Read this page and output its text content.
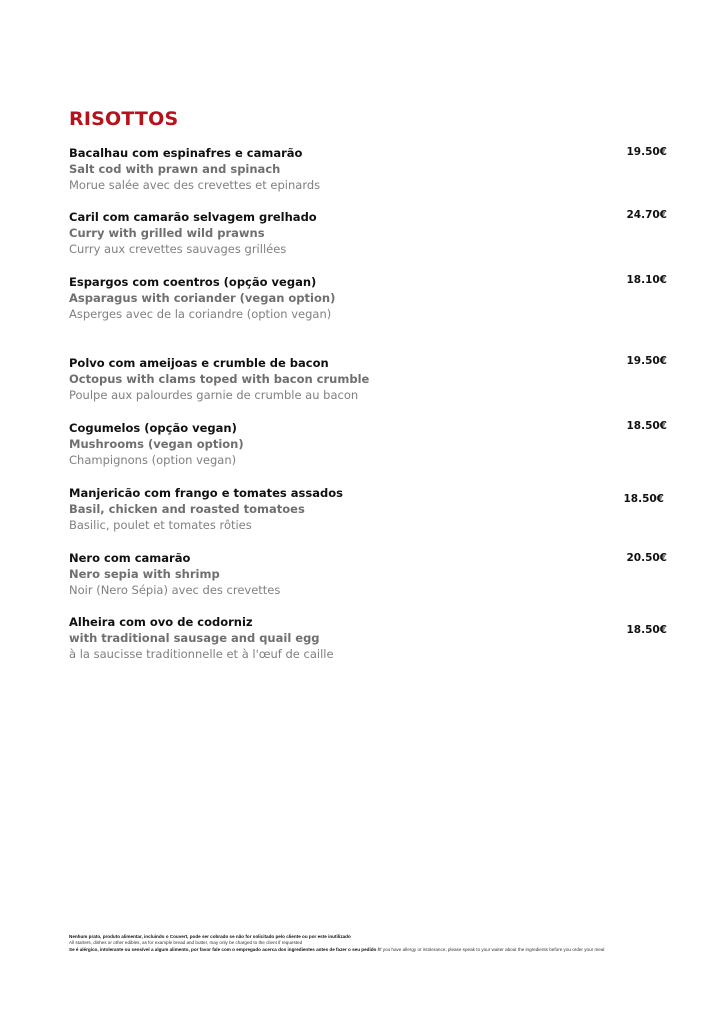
RISOTTOS
Bacalhau com espinafres e camarão
Salt cod with prawn and spinach
Morue salée avec des crevettes et epinards
19.50€
Caril com camarão selvagem grelhado
Curry with grilled wild prawns
Curry aux crevettes sauvages grillées
24.70€
Espargos com coentros (opção vegan)
Asparagus with coriander (vegan option)
Asperges avec de la coriandre (option vegan)
18.10€
Polvo com ameijoas e crumble de bacon
Octopus with clams toped with bacon crumble
Poulpe aux palourdes garnie de crumble au bacon
19.50€
Cogumelos (opção vegan)
Mushrooms (vegan option)
Champignons (option vegan)
18.50€
Manjericão com frango e tomates assados
Basil, chicken and roasted tomatoes
Basilic, poulet et tomates rôties
18.50€
Nero com camarão
Nero sepia with shrimp
Noir (Nero Sépia) avec des crevettes
20.50€
Alheira com ovo de codorniz
with traditional sausage and quail egg
à la saucisse traditionnelle et à l'œuf de caille
18.50€
Nenhum prato, produto alimentar, incluindo o Couvert, pode ser cobrado se não for solicitado pelo cliente ou por este inutilizado
All starters, dishes or other edibles, as for example bread and butter, may only be charged to the client if requested
Se é alérgico, intolerante ou sensível a algum alimento, por favor fale com o empregado acerca dos ingredientes antes de fazer o seu pedido /If you have allergy or intolerance, please speak to your waiter about the ingredients before you order your meal
